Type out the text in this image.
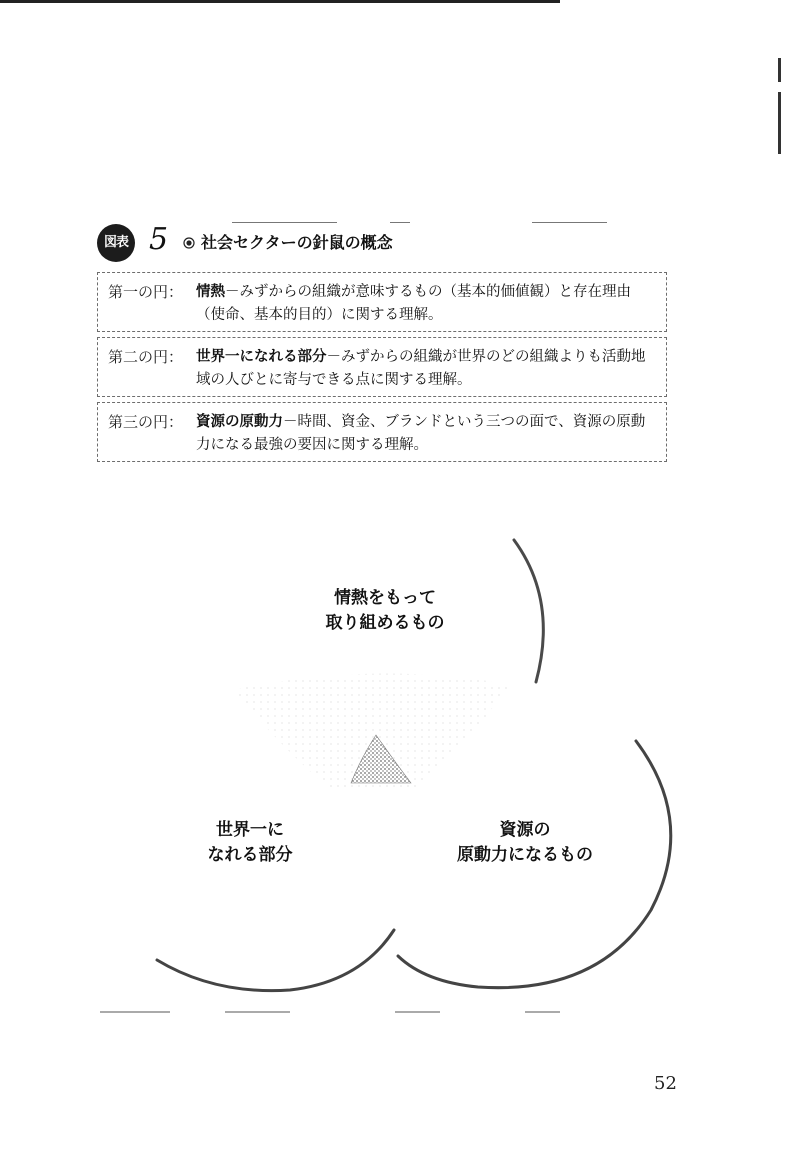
図表 5 社会セクターの針鼠の概念
第一の円： 情熱－みずからの組織が意味するもの（基本的価値観）と存在理由（使命、基本的目的）に関する理解。
第二の円： 世界一になれる部分－みずからの組織が世界のどの組織よりも活動地域の人びとに寄与できる点に関する理解。
第三の円： 資源の原動力－時間、資金、ブランドという三つの面で、資源の原動力になる最強の要因に関する理解。
情熱をもって
取り組めるもの
世界一に
なれる部分
資源の
原動力になるもの
52
